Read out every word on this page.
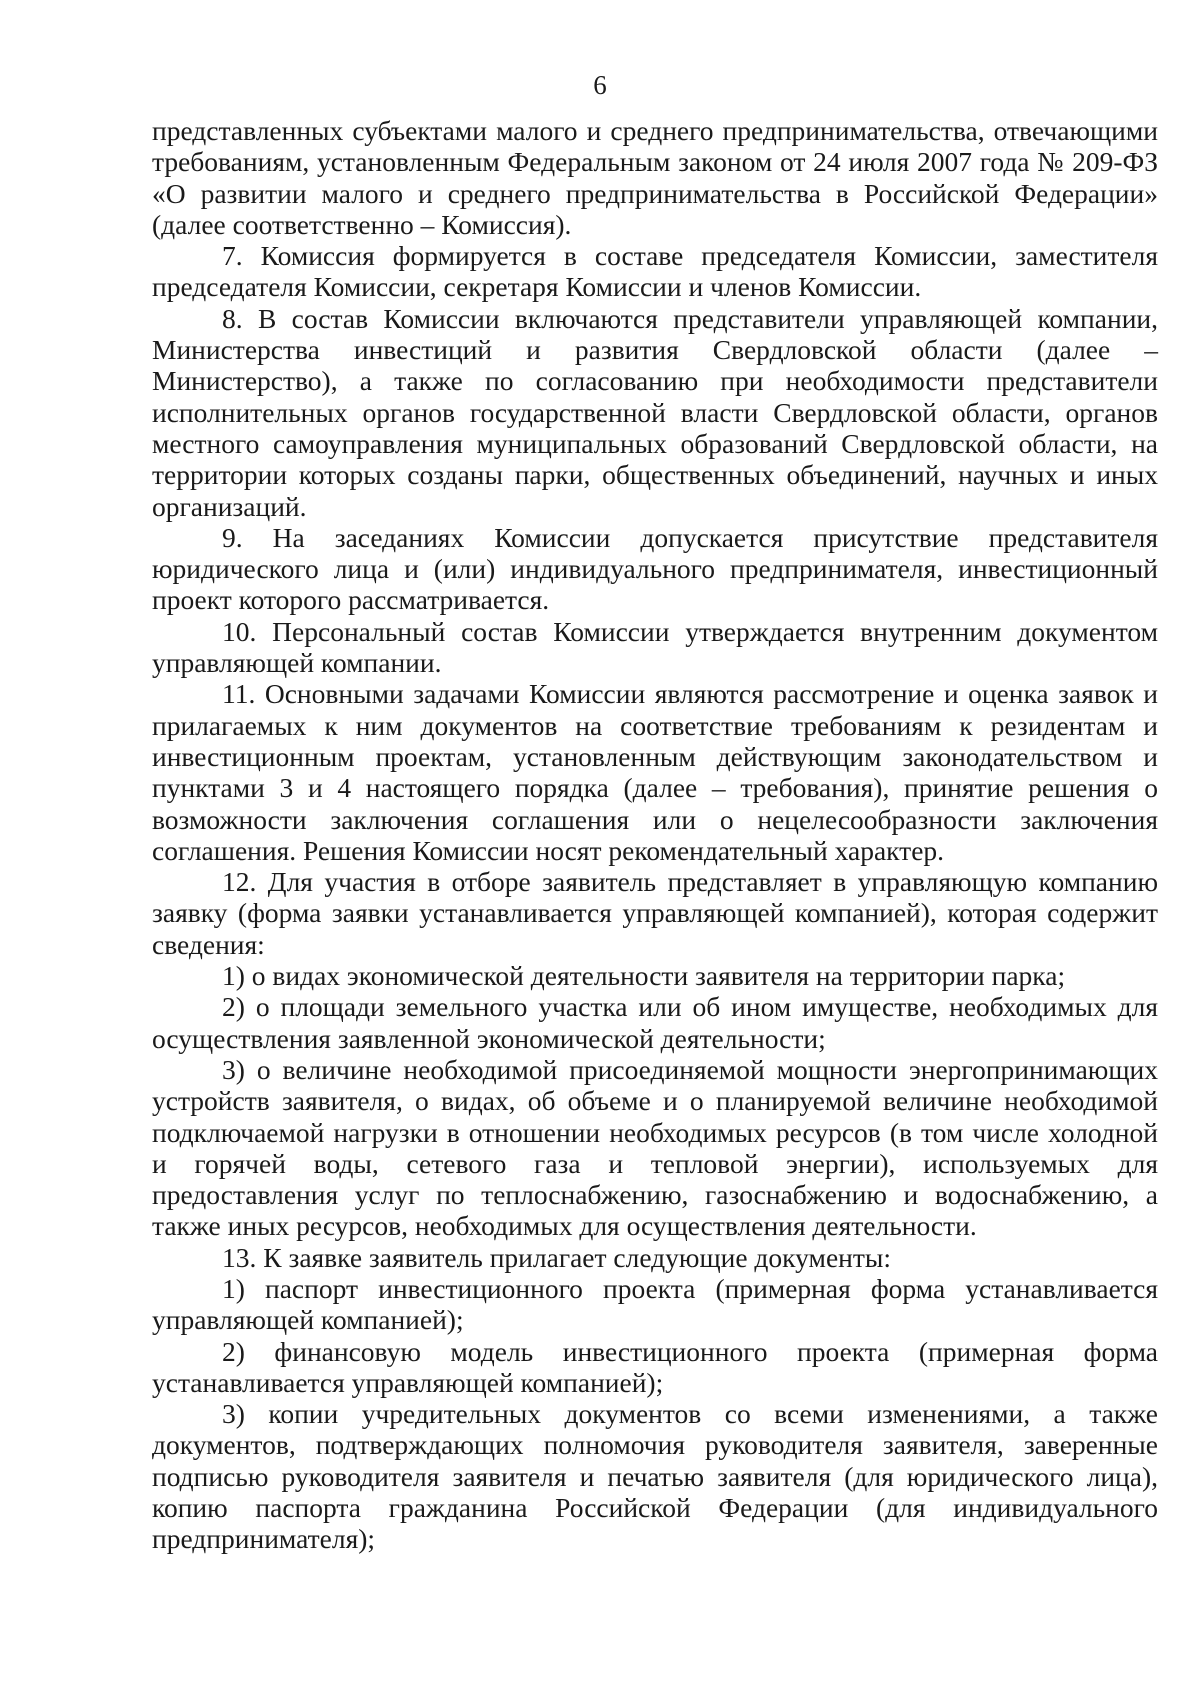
6

представленных субъектами малого и среднего предпринимательства, отвечающими требованиям, установленным Федеральным законом от 24 июля 2007 года № 209-ФЗ «О развитии малого и среднего предпринимательства в Российской Федерации» (далее соответственно – Комиссия).

7. Комиссия формируется в составе председателя Комиссии, заместителя председателя Комиссии, секретаря Комиссии и членов Комиссии.

8. В состав Комиссии включаются представители управляющей компании, Министерства инвестиций и развития Свердловской области (далее – Министерство), а также по согласованию при необходимости представители исполнительных органов государственной власти Свердловской области, органов местного самоуправления муниципальных образований Свердловской области, на территории которых созданы парки, общественных объединений, научных и иных организаций.

9. На заседаниях Комиссии допускается присутствие представителя юридического лица и (или) индивидуального предпринимателя, инвестиционный проект которого рассматривается.

10. Персональный состав Комиссии утверждается внутренним документом управляющей компании.

11. Основными задачами Комиссии являются рассмотрение и оценка заявок и прилагаемых к ним документов на соответствие требованиям к резидентам и инвестиционным проектам, установленным действующим законодательством и пунктами 3 и 4 настоящего порядка (далее – требования), принятие решения о возможности заключения соглашения или о нецелесообразности заключения соглашения. Решения Комиссии носят рекомендательный характер.

12. Для участия в отборе заявитель представляет в управляющую компанию заявку (форма заявки устанавливается управляющей компанией), которая содержит сведения:

1) о видах экономической деятельности заявителя на территории парка;

2) о площади земельного участка или об ином имуществе, необходимых для осуществления заявленной экономической деятельности;

3) о величине необходимой присоединяемой мощности энергопринимающих устройств заявителя, о видах, об объеме и о планируемой величине необходимой подключаемой нагрузки в отношении необходимых ресурсов (в том числе холодной и горячей воды, сетевого газа и тепловой энергии), используемых для предоставления услуг по теплоснабжению, газоснабжению и водоснабжению, а также иных ресурсов, необходимых для осуществления деятельности.

13. К заявке заявитель прилагает следующие документы:

1) паспорт инвестиционного проекта (примерная форма устанавливается управляющей компанией);

2) финансовую модель инвестиционного проекта (примерная форма устанавливается управляющей компанией);

3) копии учредительных документов со всеми изменениями, а также документов, подтверждающих полномочия руководителя заявителя, заверенные подписью руководителя заявителя и печатью заявителя (для юридического лица), копию паспорта гражданина Российской Федерации (для индивидуального предпринимателя);
